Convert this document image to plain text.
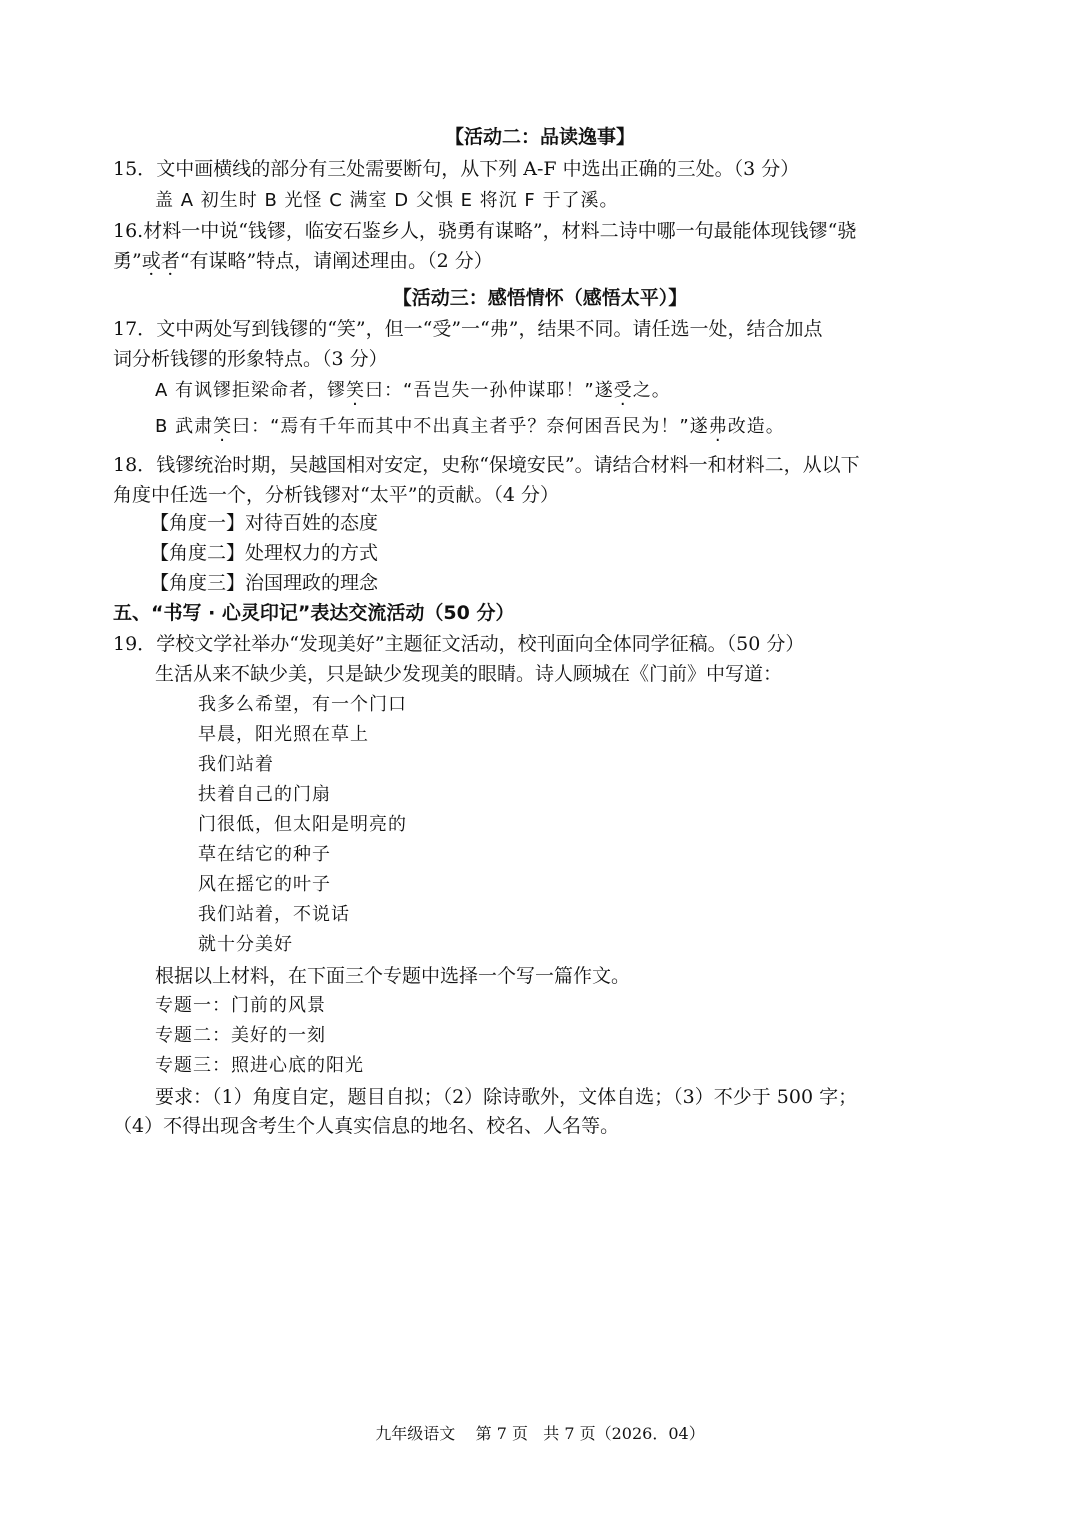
【活动二：品读逸事】
15．文中画横线的部分有三处需要断句，从下列 A-F 中选出正确的三处。（3 分）
盖 A 初生时 B 光怪 C 满室 D 父惧 E 将沉 F 于了溪。
16.材料一中说“钱镠，临安石鉴乡人，骁勇有谋略”，材料二诗中哪一句最能体现钱镠“骁
勇”或者“有谋略”特点，请阐述理由。（2 分）
【活动三：感悟情怀（感悟太平）】
17．文中两处写到钱镠的“笑”，但一“受”一“弗”，结果不同。请任选一处，结合加点
词分析钱镠的形象特点。（3 分）
A 有讽镠拒梁命者，镠笑曰：“吾岂失一孙仲谋耶！”遂受之。
B 武肃笑曰：“焉有千年而其中不出真主者乎？奈何困吾民为！”遂弗改造。
18．钱镠统治时期，吴越国相对安定，史称“保境安民”。请结合材料一和材料二，从以下
角度中任选一个，分析钱镠对“太平”的贡献。（4 分）
【角度一】对待百姓的态度
【角度二】处理权力的方式
【角度三】治国理政的理念
五、“书写 · 心灵印记”表达交流活动（50 分）
19．学校文学社举办“发现美好”主题征文活动，校刊面向全体同学征稿。（50 分）
生活从来不缺少美，只是缺少发现美的眼睛。诗人顾城在《门前》中写道：
我多么希望，有一个门口
早晨，阳光照在草上
我们站着
扶着自己的门扇
门很低，但太阳是明亮的
草在结它的种子
风在摇它的叶子
我们站着，不说话
就十分美好
根据以上材料，在下面三个专题中选择一个写一篇作文。
专题一：门前的风景
专题二：美好的一刻
专题三：照进心底的阳光
要求：（1）角度自定，题目自拟；（2）除诗歌外，文体自选；（3）不少于 500 字；
（4）不得出现含考生个人真实信息的地名、校名、人名等。
九年级语文 第 7 页 共 7 页（2026．04）
